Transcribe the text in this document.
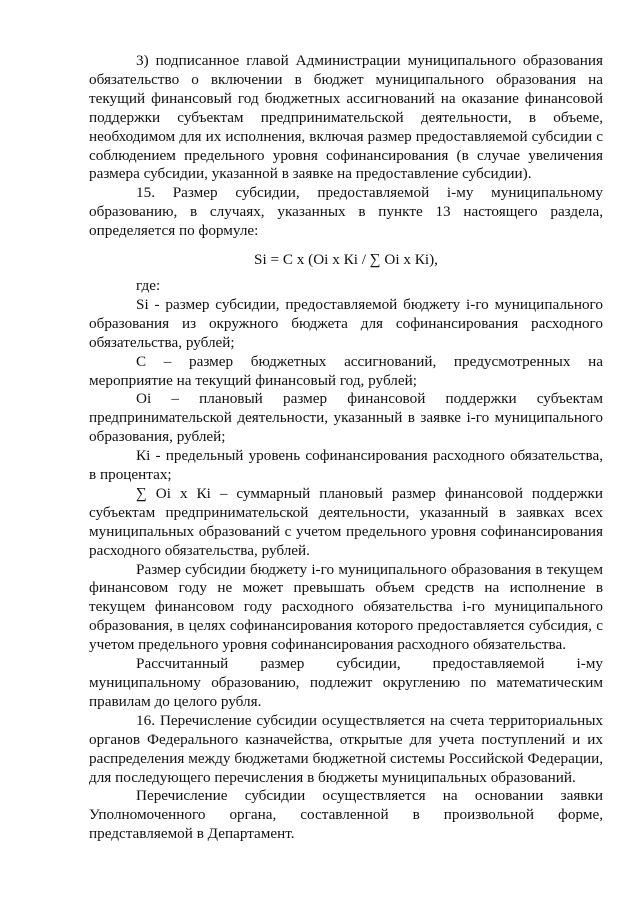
3) подписанное главой Администрации муниципального образования обязательство о включении в бюджет муниципального образования на текущий финансовый год бюджетных ассигнований на оказание финансовой поддержки субъектам предпринимательской деятельности, в объеме, необходимом для их исполнения, включая размер предоставляемой субсидии с соблюдением предельного уровня софинансирования (в случае увеличения размера субсидии, указанной в заявке на предоставление субсидии).

15. Размер субсидии, предоставляемой i-му муниципальному образованию, в случаях, указанных в пункте 13 настоящего раздела, определяется по формуле:

Si = С х (Оi х Кi / ∑ Оi х Кi),

где:

Si - размер субсидии, предоставляемой бюджету i-го муниципального образования из окружного бюджета для софинансирования расходного обязательства, рублей;

С – размер бюджетных ассигнований, предусмотренных на мероприятие на текущий финансовый год, рублей;

Оi – плановый размер финансовой поддержки субъектам предпринимательской деятельности, указанный в заявке i-го муниципального образования, рублей;

Кi - предельный уровень софинансирования расходного обязательства, в процентах;

∑ Оi х Кi – суммарный плановый размер финансовой поддержки субъектам предпринимательской деятельности, указанный в заявках всех муниципальных образований с учетом предельного уровня софинансирования расходного обязательства, рублей.

Размер субсидии бюджету i-го муниципального образования в текущем финансовом году не может превышать объем средств на исполнение в текущем финансовом году расходного обязательства i-го муниципального образования, в целях софинансирования которого предоставляется субсидия, с учетом предельного уровня софинансирования расходного обязательства.

Рассчитанный размер субсидии, предоставляемой i-му муниципальному образованию, подлежит округлению по математическим правилам до целого рубля.

16. Перечисление субсидии осуществляется на счета территориальных органов Федерального казначейства, открытые для учета поступлений и их распределения между бюджетами бюджетной системы Российской Федерации, для последующего перечисления в бюджеты муниципальных образований.

Перечисление субсидии осуществляется на основании заявки Уполномоченного органа, составленной в произвольной форме, представляемой в Департамент.
